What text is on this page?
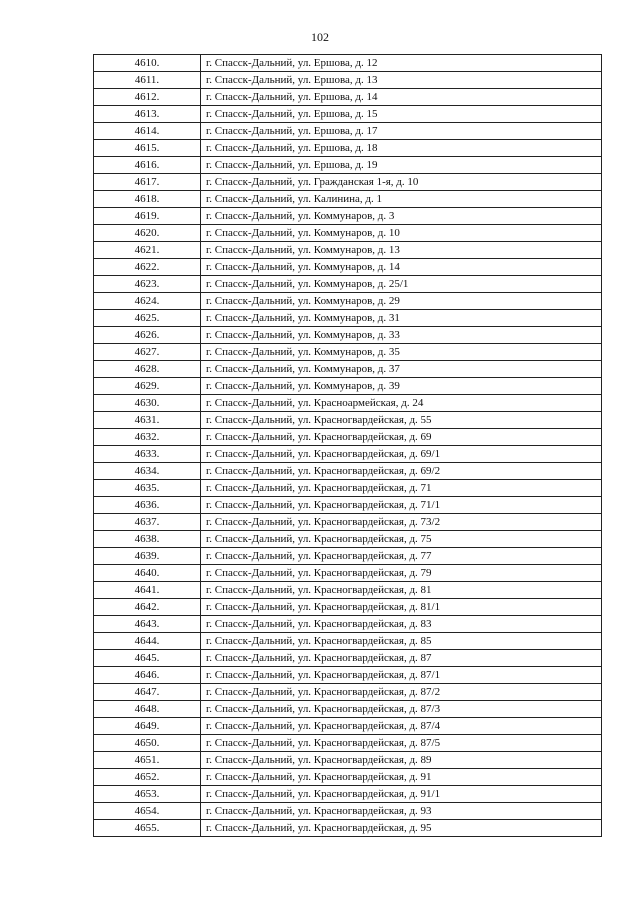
102
4610.	г. Спасск-Дальний, ул. Ершова, д. 12
4611.	г. Спасск-Дальний, ул. Ершова, д. 13
4612.	г. Спасск-Дальний, ул. Ершова, д. 14
4613.	г. Спасск-Дальний, ул. Ершова, д. 15
4614.	г. Спасск-Дальний, ул. Ершова, д. 17
4615.	г. Спасск-Дальний, ул. Ершова, д. 18
4616.	г. Спасск-Дальний, ул. Ершова, д. 19
4617.	г. Спасск-Дальний, ул. Гражданская 1-я, д. 10
4618.	г. Спасск-Дальний, ул. Калинина, д. 1
4619.	г. Спасск-Дальний, ул. Коммунаров, д. 3
4620.	г. Спасск-Дальний, ул. Коммунаров, д. 10
4621.	г. Спасск-Дальний, ул. Коммунаров, д. 13
4622.	г. Спасск-Дальний, ул. Коммунаров, д. 14
4623.	г. Спасск-Дальний, ул. Коммунаров, д. 25/1
4624.	г. Спасск-Дальний, ул. Коммунаров, д. 29
4625.	г. Спасск-Дальний, ул. Коммунаров, д. 31
4626.	г. Спасск-Дальний, ул. Коммунаров, д. 33
4627.	г. Спасск-Дальний, ул. Коммунаров, д. 35
4628.	г. Спасск-Дальний, ул. Коммунаров, д. 37
4629.	г. Спасск-Дальний, ул. Коммунаров, д. 39
4630.	г. Спасск-Дальний, ул. Красноармейская, д. 24
4631.	г. Спасск-Дальний, ул. Красногвардейская, д. 55
4632.	г. Спасск-Дальний, ул. Красногвардейская, д. 69
4633.	г. Спасск-Дальний, ул. Красногвардейская, д. 69/1
4634.	г. Спасск-Дальний, ул. Красногвардейская, д. 69/2
4635.	г. Спасск-Дальний, ул. Красногвардейская, д. 71
4636.	г. Спасск-Дальний, ул. Красногвардейская, д. 71/1
4637.	г. Спасск-Дальний, ул. Красногвардейская, д. 73/2
4638.	г. Спасск-Дальний, ул. Красногвардейская, д. 75
4639.	г. Спасск-Дальний, ул. Красногвардейская, д. 77
4640.	г. Спасск-Дальний, ул. Красногвардейская, д. 79
4641.	г. Спасск-Дальний, ул. Красногвардейская, д. 81
4642.	г. Спасск-Дальний, ул. Красногвардейская, д. 81/1
4643.	г. Спасск-Дальний, ул. Красногвардейская, д. 83
4644.	г. Спасск-Дальний, ул. Красногвардейская, д. 85
4645.	г. Спасск-Дальний, ул. Красногвардейская, д. 87
4646.	г. Спасск-Дальний, ул. Красногвардейская, д. 87/1
4647.	г. Спасск-Дальний, ул. Красногвардейская, д. 87/2
4648.	г. Спасск-Дальний, ул. Красногвардейская, д. 87/3
4649.	г. Спасск-Дальний, ул. Красногвардейская, д. 87/4
4650.	г. Спасск-Дальний, ул. Красногвардейская, д. 87/5
4651.	г. Спасск-Дальний, ул. Красногвардейская, д. 89
4652.	г. Спасск-Дальний, ул. Красногвардейская, д. 91
4653.	г. Спасск-Дальний, ул. Красногвардейская, д. 91/1
4654.	г. Спасск-Дальний, ул. Красногвардейская, д. 93
4655.	г. Спасск-Дальний, ул. Красногвардейская, д. 95
